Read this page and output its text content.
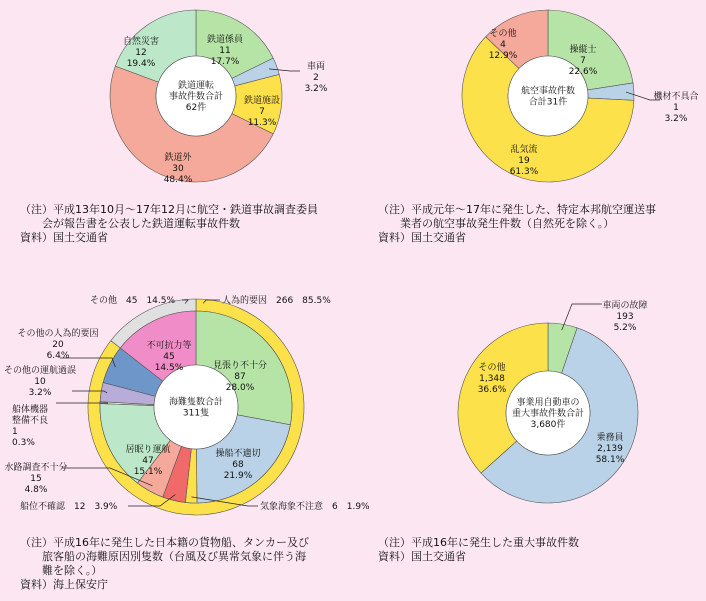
鉄道運転事故件数合計 62件
鉄道係員 11 17.7%	車両 2 3.2%
鉄道施設 7 11.3%
鉄道外 30 48.4%
自然災害 12 19.4%
（注）平成13年10月～17年12月に航空・鉄道事故調査委員　　会が報告書を公表した鉄道運転事故件数資料）国土交通省
航空事故件数合計31件
操縦士 7 22.6%
機材不具合 1 3.2%
乱気流 19 61.3%
その他 4 12.9%
（注）平成元年～17年に発生した、特定本邦航空運送事　　業者の航空事故発生件数（自然死を除く。）資料）国土交通省
海難隻数合計 311隻
人為的要因　266　85.5%
その他　45　14.5%
見張り不十分 87 28.0%
操船不適切 68 21.9%
気象海象不注意　6　1.9%
船位不確認　12　3.9%
水路調査不十分 15 4.8%
居眠り運航 47 15.1%
船体機器整備不良 1 0.3%
その他の運航過誤 10 3.2%
その他の人為的要因 20 6.4%
不可抗力等 45 14.5%
（注）平成16年に発生した日本籍の貨物船、タンカー及び　　旅客船の海難原因別隻数（台風及び異常気象に伴う海　　難を除く。）資料）海上保安庁
事業用自動車の重大事故件数合計 3,680件
車両の故障 193 5.2%
乗務員 2,139 58.1%
その他 1,348 36.6%
（注）平成16年に発生した重大事故件数資料）国土交通省
